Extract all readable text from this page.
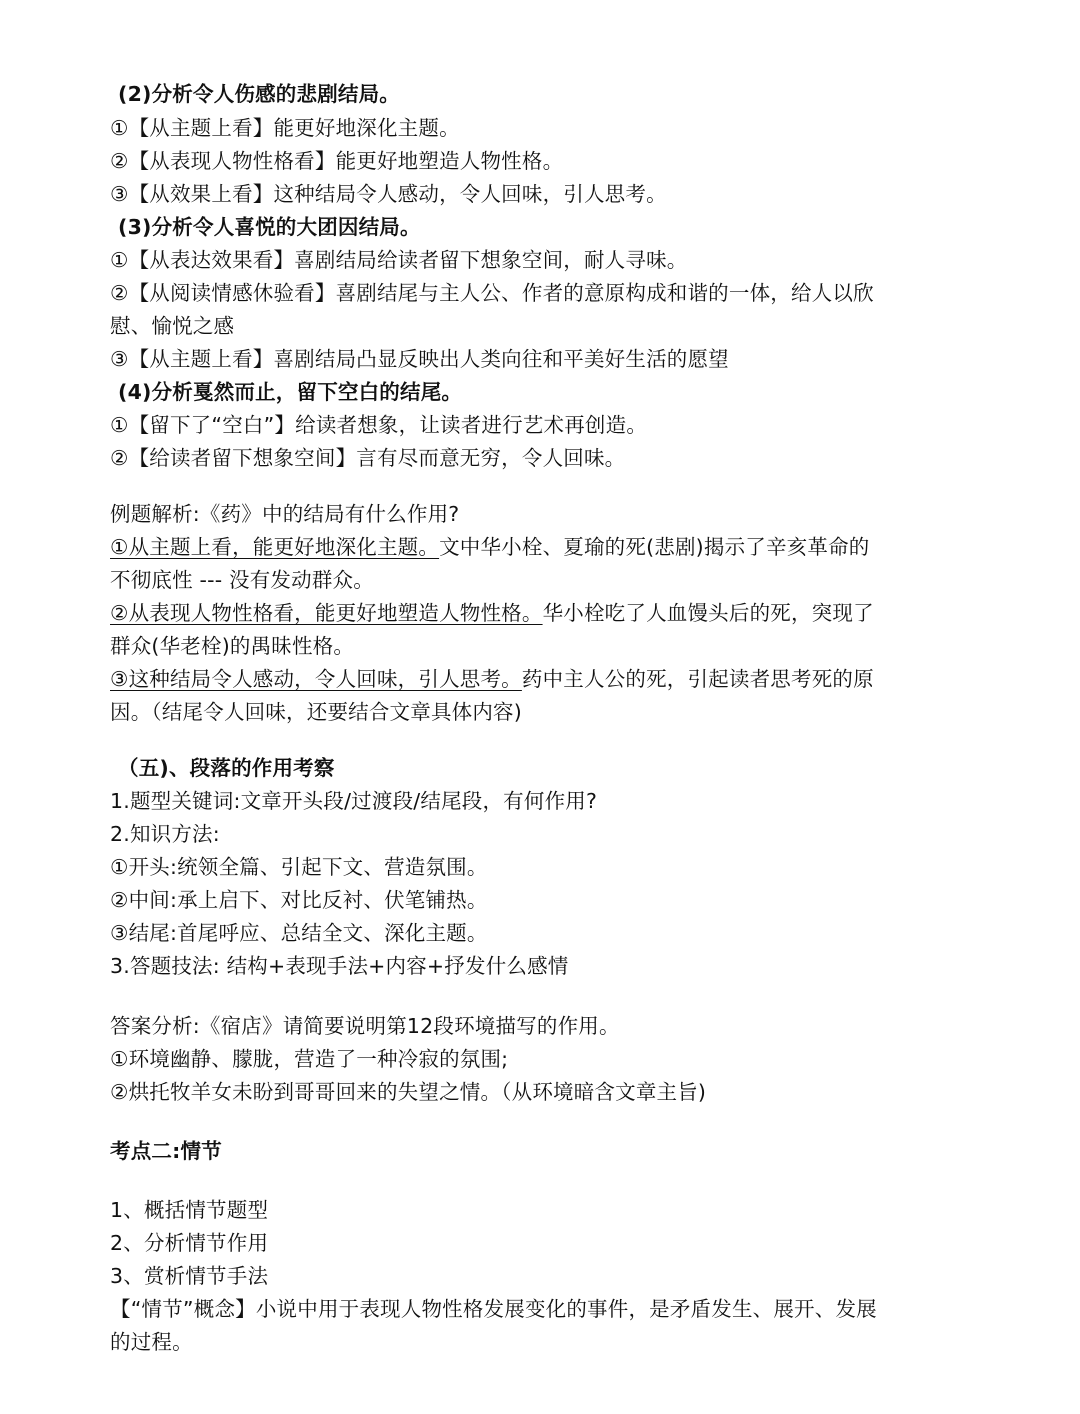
(2)分析令人伤感的悲剧结局。
①【从主题上看】能更好地深化主题。
②【从表现人物性格看】能更好地塑造人物性格。
③【从效果上看】这种结局令人感动，令人回味，引人思考。
(3)分析令人喜悦的大团因结局。
①【从表达效果看】喜剧结局给读者留下想象空间，耐人寻味。
②【从阅读情感休验看】喜剧结尾与主人公、作者的意原构成和谐的一体，给人以欣
慰、愉悦之感
③【从主题上看】喜剧结局凸显反映出人类向往和平美好生活的愿望
(4)分析戛然而止，留下空白的结尾。
①【留下了“空白”】给读者想象，让读者进行艺术再创造。
②【给读者留下想象空间】言有尽而意无穷，令人回味。
例题解析:《药》中的结局有什么作用?
①从主题上看，能更好地深化主题。文中华小栓、夏瑜的死(悲剧)揭示了辛亥革命的
不彻底性 --- 没有发动群众。
②从表现人物性格看，能更好地塑造人物性格。华小栓吃了人血馒头后的死，突现了
群众(华老栓)的禺昧性格。
③这种结局令人感动，令人回味，引人思考。药中主人公的死，引起读者思考死的原
因。（结尾令人回味，还要结合文章具体内容)
（五)、段落的作用考察
1.题型关键词:文章开头段/过渡段/结尾段，有何作用?
2.知识方法:
①开头:统领全篇、引起下文、营造氛围。
②中间:承上启下、对比反衬、伏笔铺热。
③结尾:首尾呼应、总结全文、深化主题。
3.答题技法: 结构+表现手法+内容+抒发什么感情
答案分析:《宿店》请简要说明第12段环境描写的作用。
①环境幽静、朦胧，营造了一种冷寂的氛围;
②烘托牧羊女未盼到哥哥回来的失望之情。（从环境暗含文章主旨)
考点二:情节
1、概括情节题型
2、分析情节作用
3、赏析情节手法
【“情节”概念】小说中用于表现人物性格发展变化的事件，是矛盾发生、展开、发展
的过程。
